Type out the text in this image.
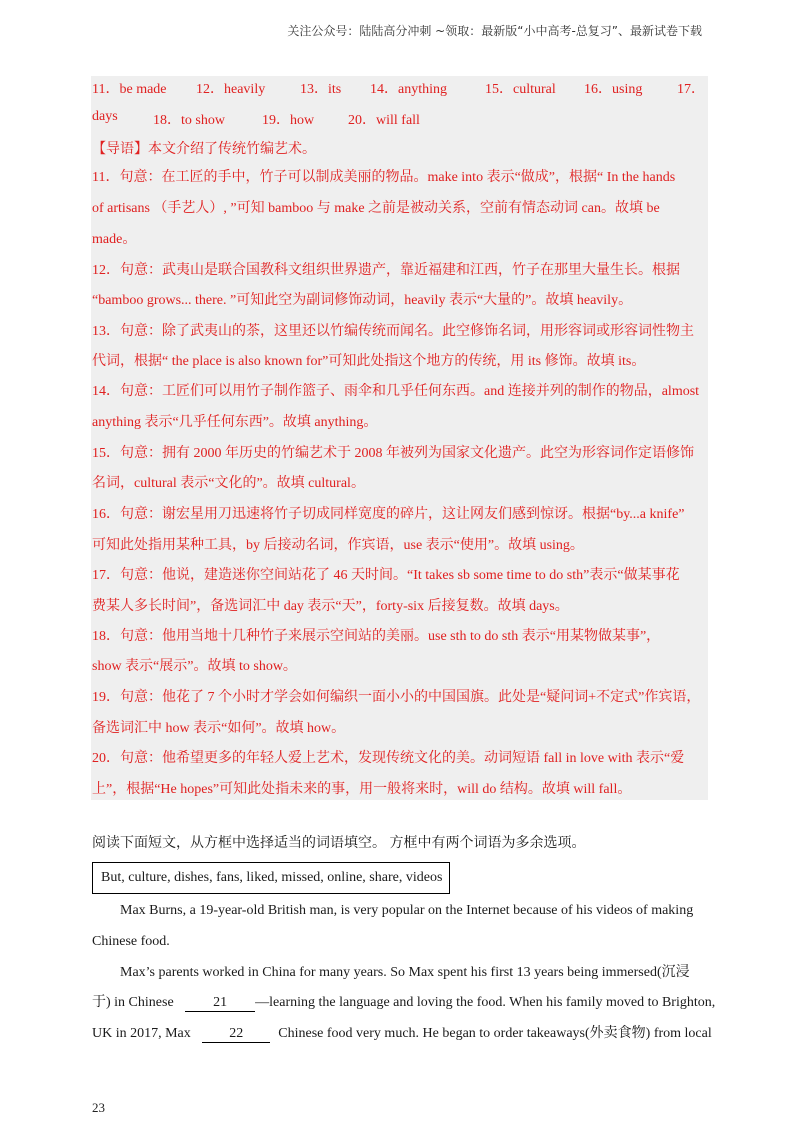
关注公众号：陆陆高分冲刺 ~领取：最新版“小中高考-总复习”、最新试卷下载
11．be made 12．heavily 13．its 14．anything	15．cultural 16．using 17．
days	18．to show	19．how 20．will fall
【导语】本文介绍了传统竹编艺术。
11．句意：在工匠的手中，竹子可以制成美丽的物品。make into 表示“做成”，根据“ In the hands
of artisans （手艺人）, ”可知 bamboo 与 make 之前是被动关系，空前有情态动词 can。故填 be
made。
12．句意：武夷山是联合国教科文组织世界遗产，靠近福建和江西，竹子在那里大量生长。根据
“bamboo grows... there. ”可知此空为副词修饰动词，heavily 表示“大量的”。故填 heavily。
13．句意：除了武夷山的茶，这里还以竹编传统而闻名。此空修饰名词，用形容词或形容词性物主
代词，根据“ the place is also known for”可知此处指这个地方的传统，用 its 修饰。故填 its。
14．句意：工匠们可以用竹子制作篮子、雨伞和几乎任何东西。and 连接并列的制作的物品，almost
anything 表示“几乎任何东西”。故填 anything。
15．句意：拥有 2000 年历史的竹编艺术于 2008 年被列为国家文化遗产。此空为形容词作定语修饰
名词，cultural 表示“文化的”。故填 cultural。
16．句意：谢宏星用刀迅速将竹子切成同样宽度的碎片，这让网友们感到惊讶。根据“by...a knife”
可知此处指用某种工具，by 后接动名词，作宾语，use 表示“使用”。故填 using。
17．句意：他说，建造迷你空间站花了 46 天时间。“It takes sb some time to do sth”表示“做某事花
费某人多长时间”，备选词汇中 day 表示“天”，forty-six 后接复数。故填 days。
18．句意：他用当地十几种竹子来展示空间站的美丽。use sth to do sth 表示“用某物做某事”，
show 表示“展示”。故填 to show。
19．句意：他花了 7 个小时才学会如何编织一面小小的中国国旗。此处是“疑问词+不定式”作宾语，
备选词汇中 how 表示“如何”。故填 how。
20．句意：他希望更多的年轻人爱上艺术，发现传统文化的美。动词短语 fall in love with 表示“爱
上”，根据“He hopes”可知此处指未来的事，用一般将来时，will do 结构。故填 will fall。
阅读下面短文，从方框中选择适当的词语填空。 方框中有两个词语为多余选项。
But, culture, dishes, fans, liked, missed, online, share, videos
Max Burns, a 19-year-old British man, is very popular on the Internet because of his videos of making
Chinese food.
Max’s parents worked in China for many years. So Max spent his first 13 years being immersed(沉浸
于) in Chinese	21 —learning the language and loving the food. When his family moved to Brighton,
UK in 2017, Max	22	Chinese food very much. He began to order takeaways(外卖食物) from local
23
